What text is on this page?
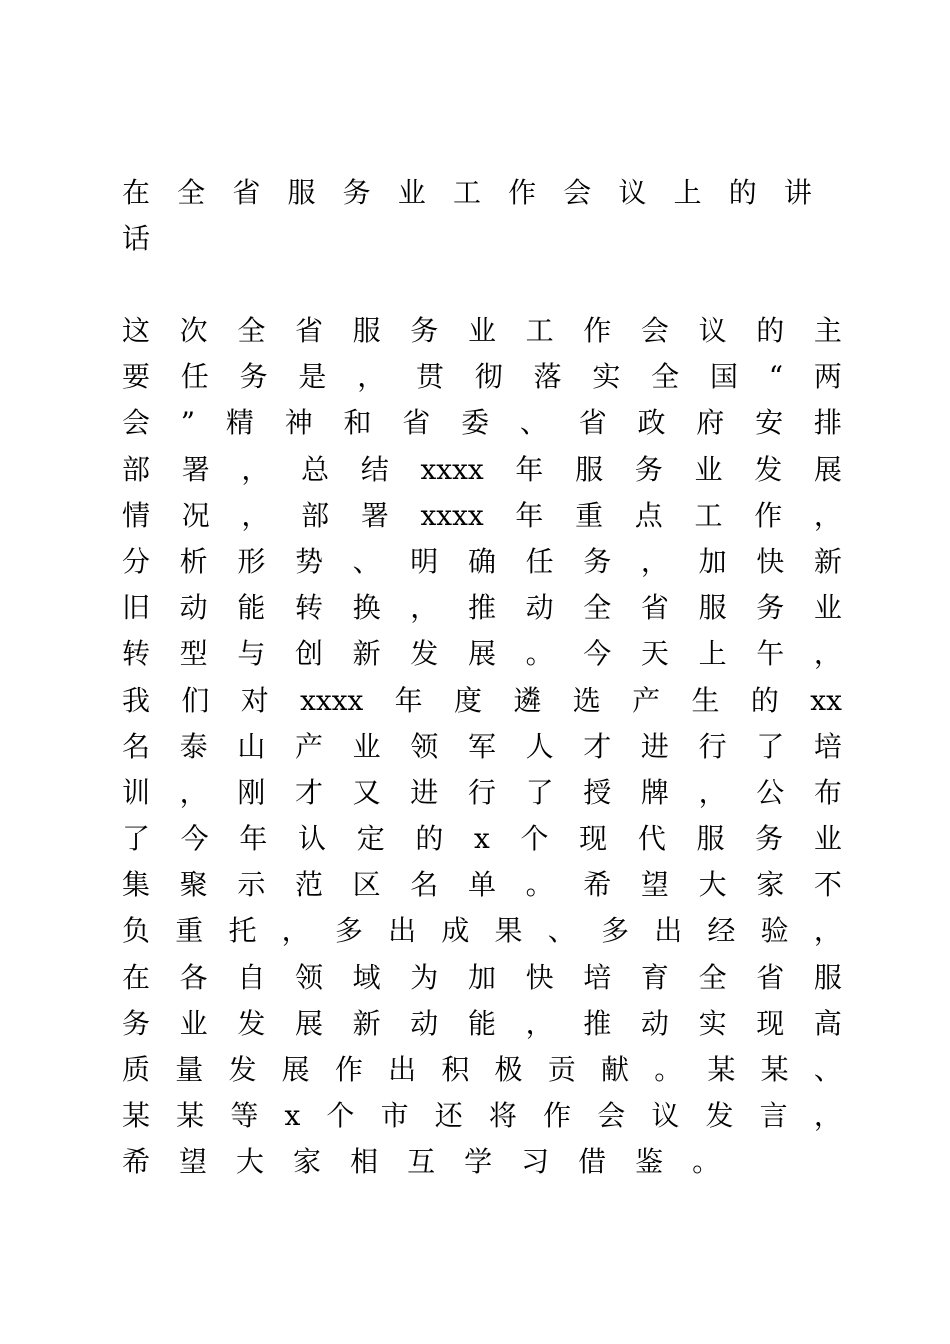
在 全 省 服 务 业 工 作 会 议 上 的 讲
话
这 次 全 省 服 务 业 工 作 会 议 的 主
要 任 务 是 ， 贯 彻 落 实 全 国 “ 两
会 ” 精 神 和 省 委 、 省 政 府 安 排
部 署 ， 总 结 xxxx 年 服 务 业 发 展
情 况 ， 部 署 xxxx 年 重 点 工 作 ，
分 析 形 势 、 明 确 任 务 ， 加 快 新
旧 动 能 转 换 ， 推 动 全 省 服 务 业
转 型 与 创 新 发 展 。 今 天 上 午 ，
我 们 对 xxxx 年 度 遴 选 产 生 的 xx
名 泰 山 产 业 领 军 人 才 进 行 了 培
训 ， 刚 才 又 进 行 了 授 牌 ， 公 布
了 今 年 认 定 的 x 个 现 代 服 务 业
集 聚 示 范 区 名 单 。 希 望 大 家 不
负 重 托 ， 多 出 成 果 、 多 出 经 验 ，
在 各 自 领 域 为 加 快 培 育 全 省 服
务 业 发 展 新 动 能 ， 推 动 实 现 高
质 量 发 展 作 出 积 极 贡 献 。 某 某 、
某 某 等 x 个 市 还 将 作 会 议 发 言 ，
希 望 大 家 相 互 学 习 借 鉴 。
